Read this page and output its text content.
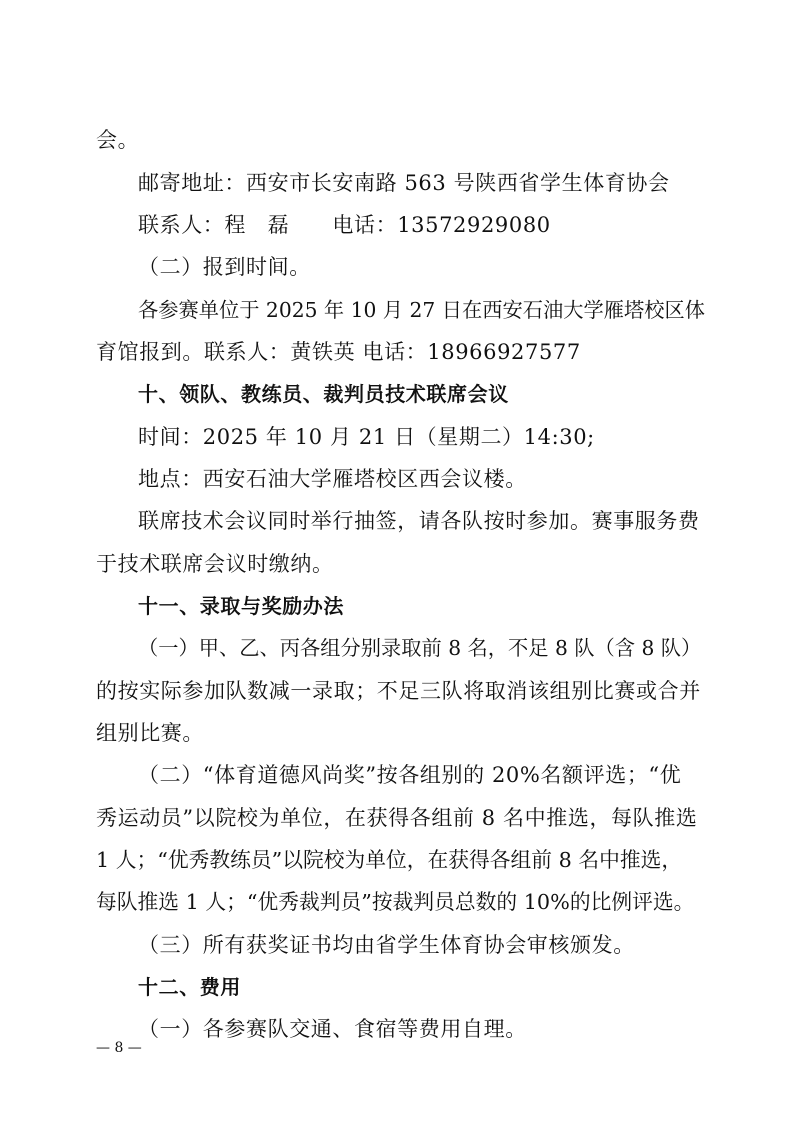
会。
邮寄地址：西安市长安南路 563 号陕西省学生体育协会
联系人：程　磊　　电话：13572929080
（二）报到时间。
各参赛单位于 2025 年 10 月 27 日在西安石油大学雁塔校区体
育馆报到。联系人：黄铁英 电话：18966927577
十、领队、教练员、裁判员技术联席会议
时间：2025 年 10 月 21 日（星期二）14:30;
地点：西安石油大学雁塔校区西会议楼。
联席技术会议同时举行抽签，请各队按时参加。赛事服务费
于技术联席会议时缴纳。
十一、录取与奖励办法
（一）甲、乙、丙各组分别录取前 8 名，不足 8 队（含 8 队）
的按实际参加队数减一录取；不足三队将取消该组别比赛或合并
组别比赛。
（二）“体育道德风尚奖”按各组别的 20%名额评选；“优
秀运动员”以院校为单位，在获得各组前 8 名中推选，每队推选
1 人；“优秀教练员”以院校为单位，在获得各组前 8 名中推选，
每队推选 1 人；“优秀裁判员”按裁判员总数的 10%的比例评选。
（三）所有获奖证书均由省学生体育协会审核颁发。
十二、费用
（一）各参赛队交通、食宿等费用自理。
— 8 —
